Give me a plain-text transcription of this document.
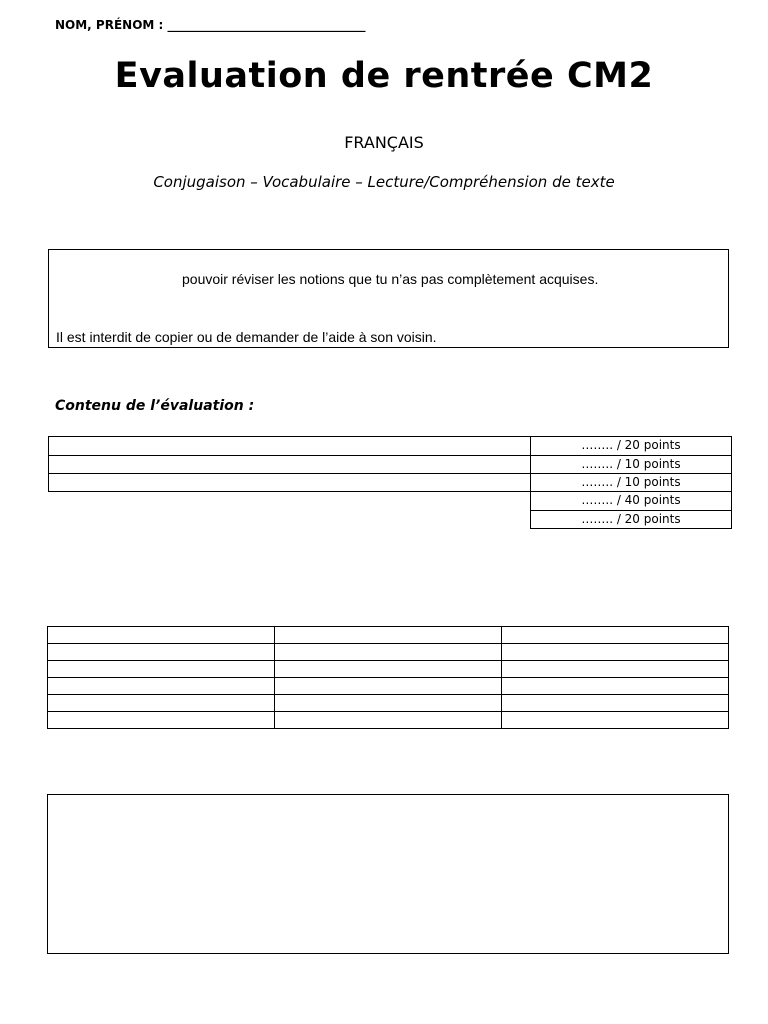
NOM, PRÉNOM : _________________________________
Evaluation de rentrée CM2
FRANÇAIS
Conjugaison – Vocabulaire – Lecture/Compréhension de texte
pouvoir réviser les notions que tu n’as pas complètement acquises.
Il est interdit de copier ou de demander de l’aide à son voisin.
Contenu de l’évaluation :
…….. / 20 points
…….. / 10 points
…….. / 10 points
…….. / 40 points
…….. / 20 points
